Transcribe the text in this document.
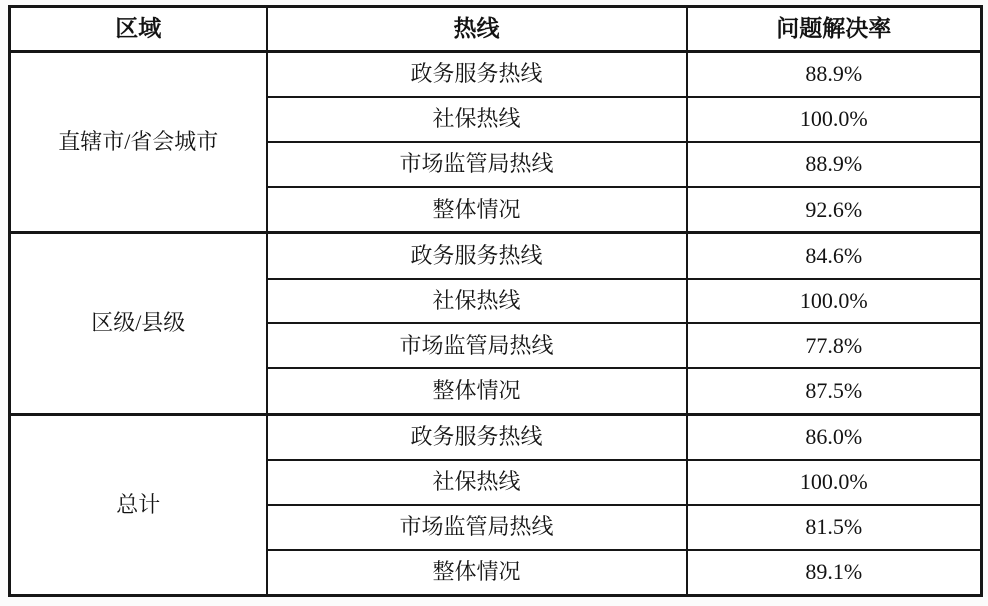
区域	热线	问题解决率
直辖市/省会城市	政务服务热线	88.9%
	社保热线	100.0%
	市场监管局热线	88.9%
	整体情况	92.6%
区级/县级	政务服务热线	84.6%
	社保热线	100.0%
	市场监管局热线	77.8%
	整体情况	87.5%
总计	政务服务热线	86.0%
	社保热线	100.0%
	市场监管局热线	81.5%
	整体情况	89.1%
